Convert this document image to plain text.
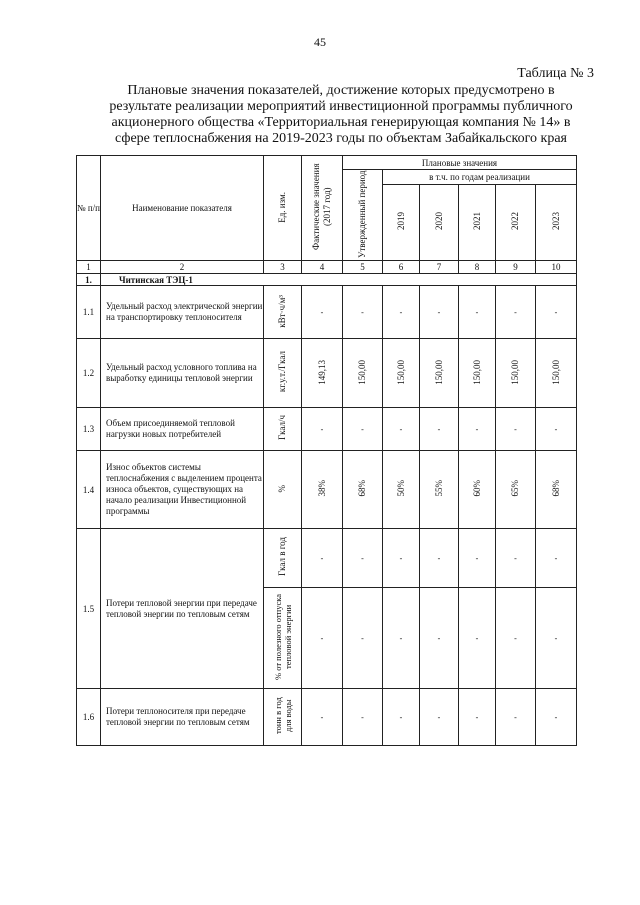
45
Таблица № 3
Плановые значения показателей, достижение которых предусмотрено в
результате реализации мероприятий инвестиционной программы публичного
акционерного общества «Территориальная генерирующая компания № 14» в
сфере теплоснабжения на 2019-2023 годы по объектам Забайкальского края
№ п/п	Наименование показателя	Ед. изм.	Фактические значения (2017 год)	Плановые значения					
				Утвержденный период	в т.ч. по годам реализации				
					2019	2020	2021	2022	2023
1	2	3	4	5	6	7	8	9	10
1.	Читинская ТЭЦ-1								
1.1	Удельный расход электрической энергии на транспортировку теплоносителя	кВт·ч/м³	-	-	-	-	-	-	-
1.2	Удельный расход условного топлива на выработку единицы тепловой энергии	кг.у.т./Гкал	149,13	150,00	150,00	150,00	150,00	150,00	150,00
1.3	Объем присоединяемой тепловой нагрузки новых потребителей	Гкал/ч	-	-	-	-	-	-	-
1.4	Износ объектов системы теплоснабжения с выделением процента износа объектов, существующих на начало реализации Инвестиционной программы	%	38%	68%	50%	55%	60%	65%	68%
1.5	Потери тепловой энергии при передаче тепловой энергии по тепловым сетям	Гкал в год	-	-	-	-	-	-	-
		% от полезного отпуска тепловой энергии	-	-	-	-	-	-	-
1.6	Потери теплоносителя при передаче тепловой энергии по тепловым сетям	тонн в год для воды	-	-	-	-	-	-	-
